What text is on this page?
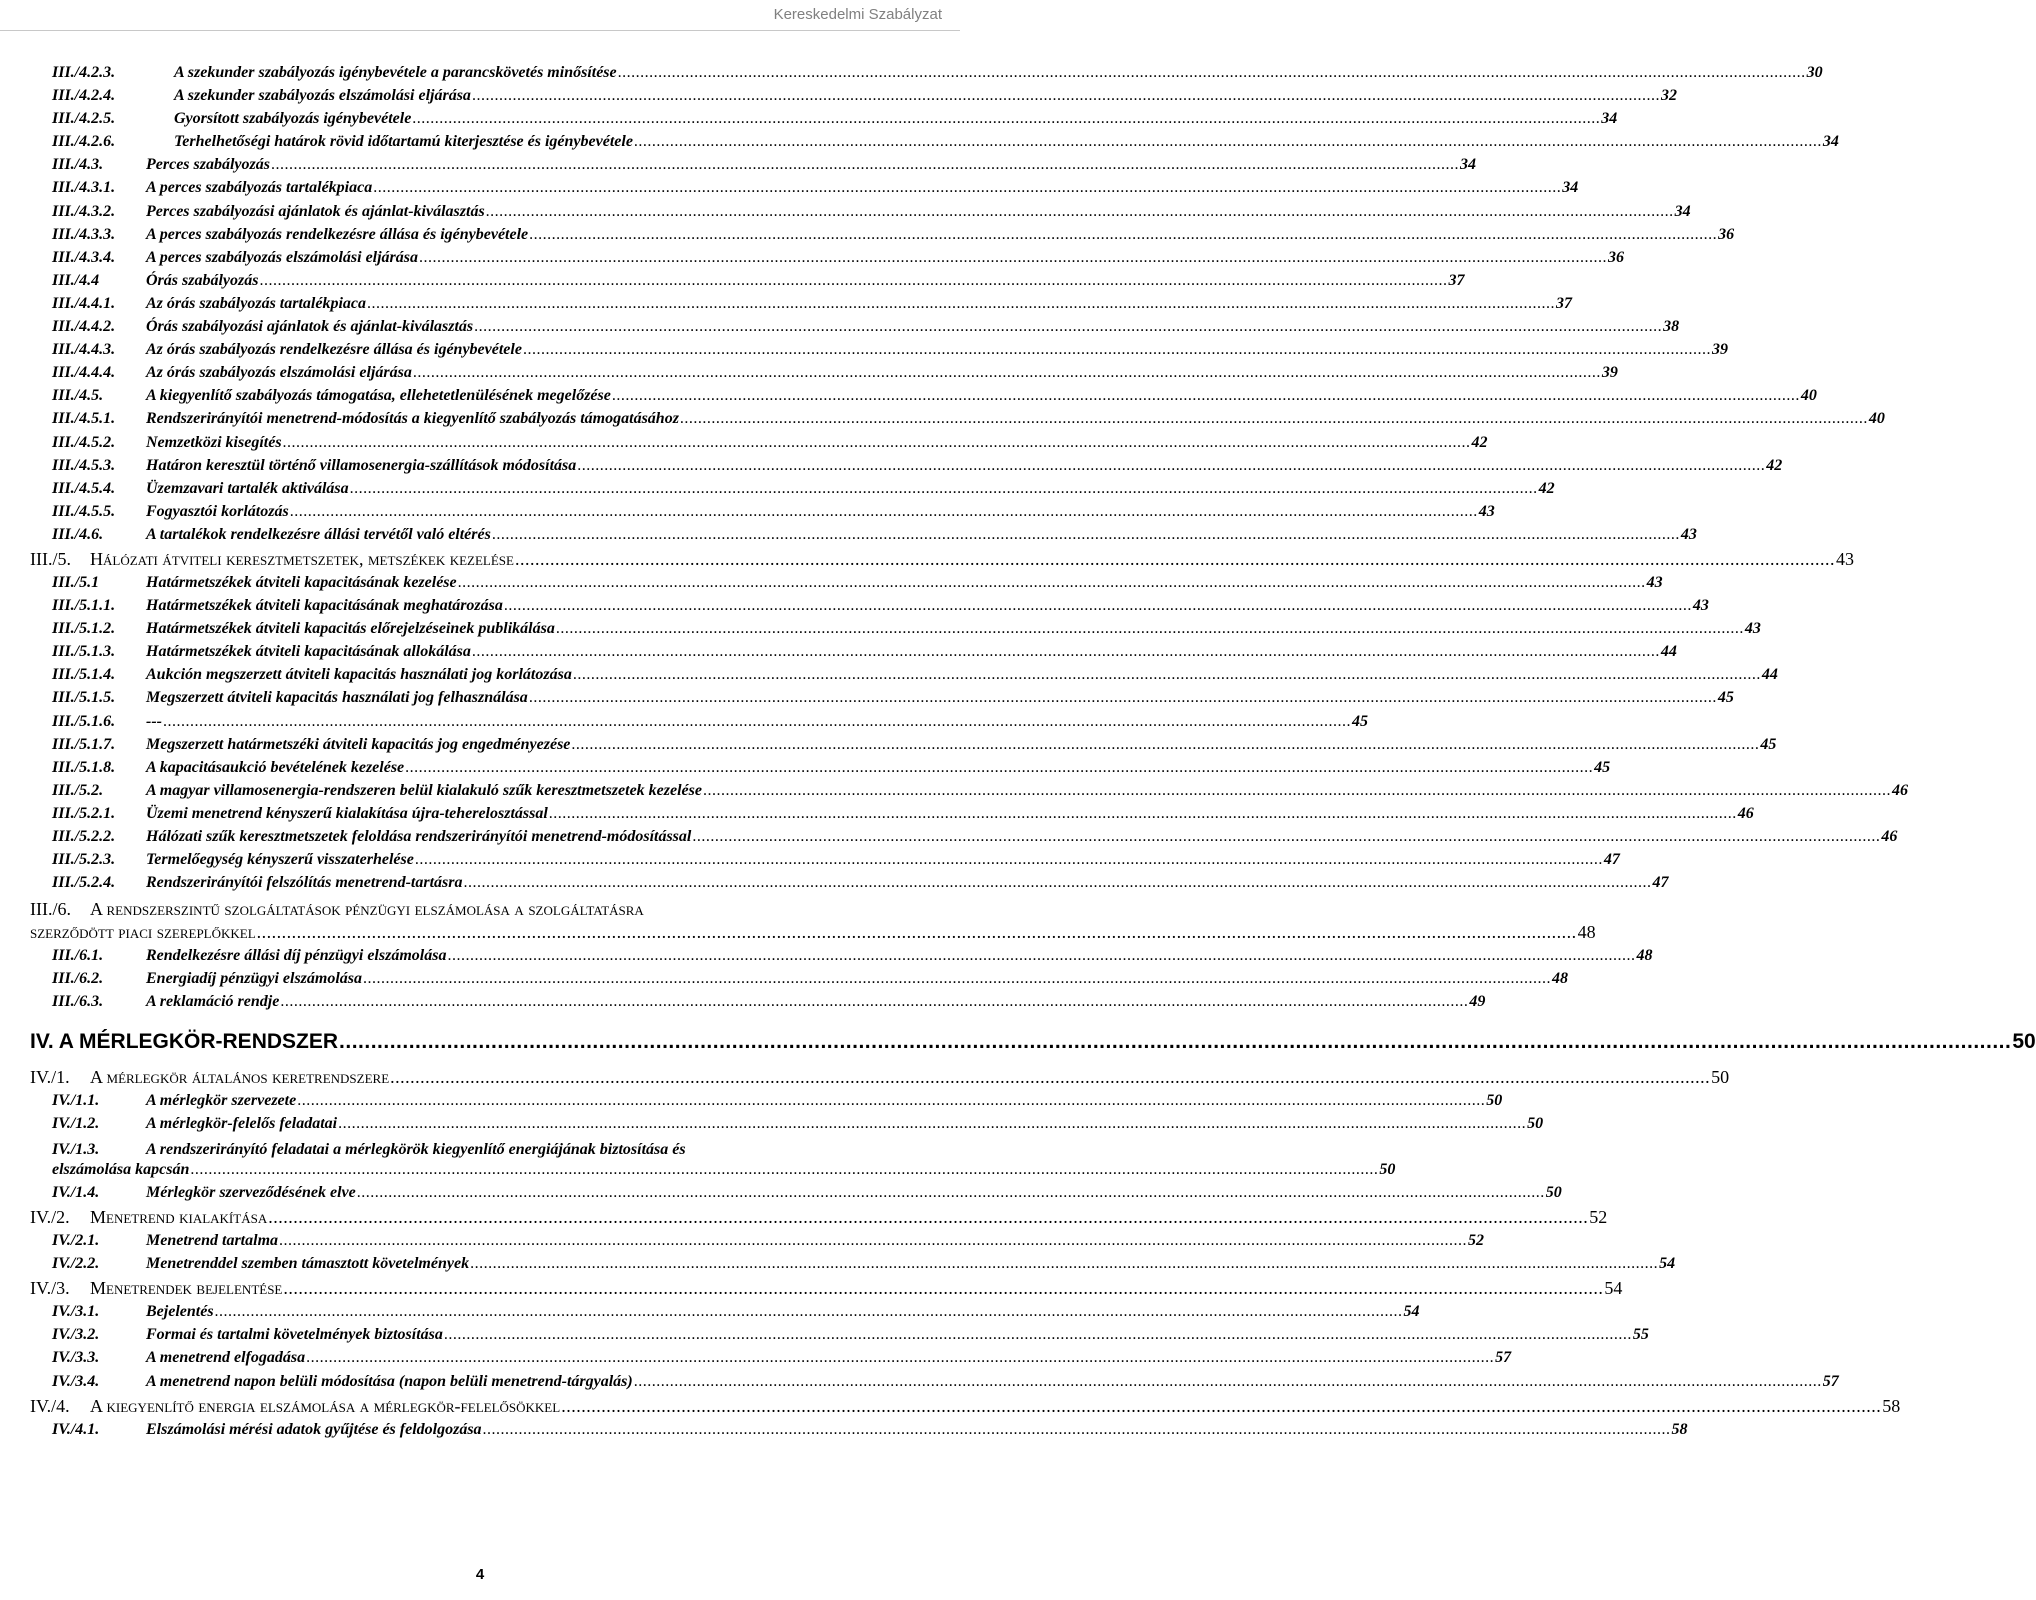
Kereskedelmi Szabályzat
III./4.2.3.	A szekunder szabályozás igénybevétele a parancskövetés minősítése .....	30
III./4.2.4.	A szekunder szabályozás elszámolási eljárása .....	32
III./4.2.5.	Gyorsított szabályozás igénybevétele .....	34
III./4.2.6.	Terhelhetőségi határok rövid időtartamú kiterjesztése és igénybevétele .....	34
III./4.3.	Perces szabályozás .....	34
III./4.3.1.	A perces szabályozás tartalékpiaca .....	34
III./4.3.2.	Perces szabályozási ajánlatok és ajánlat-kiválasztás .....	34
III./4.3.3.	A perces szabályozás rendelkezésre állása és igénybevétele .....	36
III./4.3.4.	A perces szabályozás elszámolási eljárása .....	36
III./4.4	Órás szabályozás .....	37
III./4.4.1.	Az órás szabályozás tartalékpiaca .....	37
III./4.4.2.	Órás szabályozási ajánlatok és ajánlat-kiválasztás .....	38
III./4.4.3.	Az órás szabályozás rendelkezésre állása és igénybevétele .....	39
III./4.4.4.	Az órás szabályozás elszámolási eljárása .....	39
III./4.5.	A kiegyenlítő szabályozás támogatása, ellehetetlenülésének megelőzése .....	40
III./4.5.1.	Rendszerirányítói menetrend-módosítás a kiegyenlítő szabályozás támogatásához .....	40
III./4.5.2.	Nemzetközi kisegítés .....	42
III./4.5.3.	Határon keresztül történő villamosenergia-szállítások módosítása .....	42
III./4.5.4.	Üzemzavari tartalék aktiválása .....	42
III./4.5.5.	Fogyasztói korlátozás .....	43
III./4.6.	A tartalékok rendelkezésre állási tervétől való eltérés .....	43
III./5.	Hálózati átviteli keresztmetszetek, metszékek kezelése .....	43
III./5.1	Határmetszékek átviteli kapacitásának kezelése .....	43
III./5.1.1.	Határmetszékek átviteli kapacitásának meghatározása .....	43
III./5.1.2.	Határmetszékek átviteli kapacitás előrejelzéseinek publikálása .....	43
III./5.1.3.	Határmetszékek átviteli kapacitásának allokálása .....	44
III./5.1.4.	Aukción megszerzett átviteli kapacitás használati jog korlátozása .....	44
III./5.1.5.	Megszerzett átviteli kapacitás használati jog felhasználása .....	45
III./5.1.6.	--- .....	45
III./5.1.7.	Megszerzett határmetszéki átviteli kapacitás jog engedményezése .....	45
III./5.1.8.	A kapacitásaukció bevételének kezelése .....	45
III./5.2.	A magyar villamosenergia-rendszeren belül kialakuló szűk keresztmetszetek kezelése .....	46
III./5.2.1.	Üzemi menetrend kényszerű kialakítása újra-teherelosztással .....	46
III./5.2.2.	Hálózati szűk keresztmetszetek feloldása rendszerirányítói menetrend-módosítással .....	46
III./5.2.3.	Termelőegység kényszerű visszaterhelése .....	47
III./5.2.4.	Rendszerirányítói felszólítás menetrend-tartásra .....	47
III./6. A rendszerszintű szolgáltatások pénzügyi elszámolása a szolgáltatásra
szerződött piaci szereplőkkel .....	48
III./6.1.	Rendelkezésre állási díj pénzügyi elszámolása .....	48
III./6.2.	Energiadíj pénzügyi elszámolása .....	48
III./6.3.	A reklamáció rendje .....	49
IV. A MÉRLEGKÖR-RENDSZER .....	50
IV./1.	A mérlegkör általános keretrendszere .....	50
IV./1.1.	A mérlegkör szervezete .....	50
IV./1.2.	A mérlegkör-felelős feladatai .....	50
IV./1.3.	A rendszerirányító feladatai a mérlegkörök kiegyenlítő energiájának biztosítása és
elszámolása kapcsán .....	50
IV./1.4.	Mérlegkör szerveződésének elve .....	50
IV./2.	Menetrend kialakítása .....	52
IV./2.1.	Menetrend tartalma .....	52
IV./2.2.	Menetrenddel szemben támasztott követelmények .....	54
IV./3.	Menetrendek bejelentése .....	54
IV./3.1.	Bejelentés .....	54
IV./3.2.	Formai és tartalmi követelmények biztosítása .....	55
IV./3.3.	A menetrend elfogadása .....	57
IV./3.4.	A menetrend napon belüli módosítása (napon belüli menetrend-tárgyalás) .....	57
IV./4.	A kiegyenlítő energia elszámolása a mérlegkör-felelősökkel .....	58
IV./4.1.	Elszámolási mérési adatok gyűjtése és feldolgozása .....	58
4
